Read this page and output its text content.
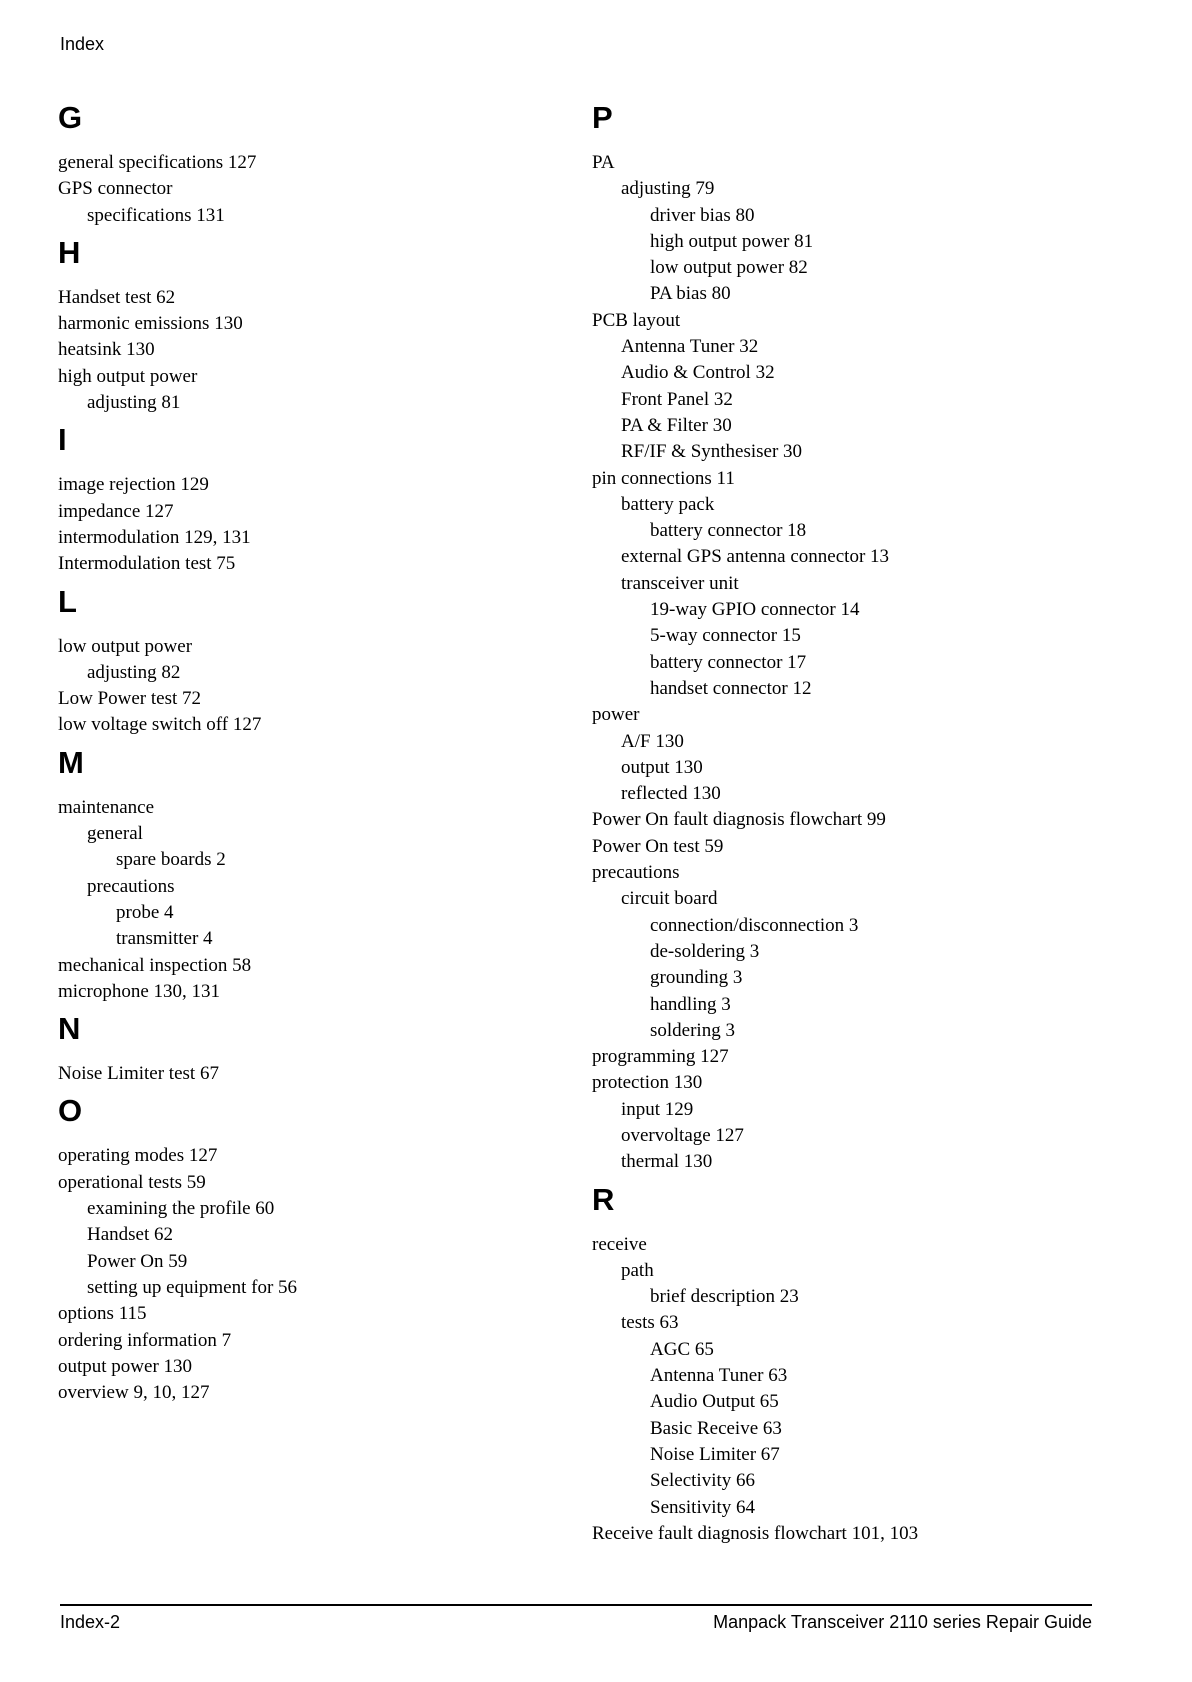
Index
G
general specifications 127
GPS connector
specifications 131
H
Handset test 62
harmonic emissions 130
heatsink 130
high output power
adjusting 81
I
image rejection 129
impedance 127
intermodulation 129, 131
Intermodulation test 75
L
low output power
adjusting 82
Low Power test 72
low voltage switch off 127
M
maintenance
general
spare boards 2
precautions
probe 4
transmitter 4
mechanical inspection 58
microphone 130, 131
N
Noise Limiter test 67
O
operating modes 127
operational tests 59
examining the profile 60
Handset 62
Power On 59
setting up equipment for 56
options 115
ordering information 7
output power 130
overview 9, 10, 127
P
PA
adjusting 79
driver bias 80
high output power 81
low output power 82
PA bias 80
PCB layout
Antenna Tuner 32
Audio & Control 32
Front Panel 32
PA & Filter 30
RF/IF & Synthesiser 30
pin connections 11
battery pack
battery connector 18
external GPS antenna connector 13
transceiver unit
19-way GPIO connector 14
5-way connector 15
battery connector 17
handset connector 12
power
A/F 130
output 130
reflected 130
Power On fault diagnosis flowchart 99
Power On test 59
precautions
circuit board
connection/disconnection 3
de-soldering 3
grounding 3
handling 3
soldering 3
programming 127
protection 130
input 129
overvoltage 127
thermal 130
R
receive
path
brief description 23
tests 63
AGC 65
Antenna Tuner 63
Audio Output 65
Basic Receive 63
Noise Limiter 67
Selectivity 66
Sensitivity 64
Receive fault diagnosis flowchart 101, 103
Index-2	Manpack Transceiver 2110 series Repair Guide
